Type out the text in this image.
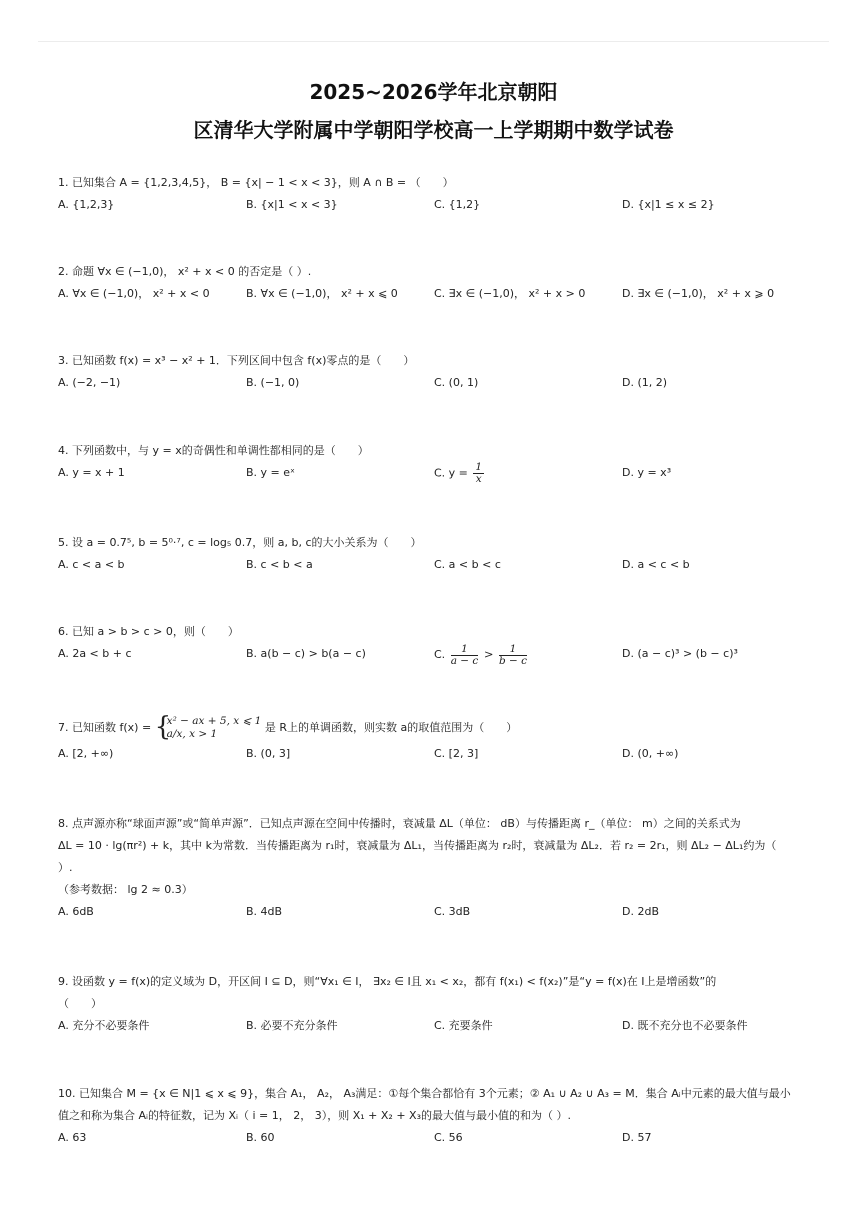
2025~2026学年北京朝阳
区清华大学附属中学朝阳学校高一上学期期中数学试卷
1. 已知集合 A = {1,2,3,4,5}， B = {x| − 1 < x < 3}，则 A ∩ B = （　　）
A. {1,2,3}	B. {x|1 < x < 3}	C. {1,2}	D. {x|1 ≤ x ≤ 2}
2. 命题 ∀x ∈ (−1,0)， x² + x < 0 的否定是（ ）.
A. ∀x ∈ (−1,0)， x² + x < 0	B. ∀x ∈ (−1,0)， x² + x ⩽ 0	C. ∃x ∈ (−1,0)， x² + x > 0	D. ∃x ∈ (−1,0)， x² + x ⩾ 0
3. 已知函数 f(x) = x³ − x² + 1．下列区间中包含 f(x)零点的是（　　）
A. (−2, −1)	B. (−1, 0)	C. (0, 1)	D. (1, 2)
4. 下列函数中，与 y = x的奇偶性和单调性都相同的是（　　）
A. y = x + 1	B. y = eˣ	C. $y = \frac{1}{x}$	D. y = x³
5. 设 a = 0.7⁵, b = 5⁰·⁷, c = log₅ 0.7，则 a, b, c的大小关系为（　　）
A. c < a < b	B. c < b < a	C. a < b < c	D. a < c < b
6. 已知 a > b > c > 0，则（　　）
A. 2a < b + c	B. a(b − c) > b(a − c)	C. $\frac{1}{a - c} > \frac{1}{b - c}$	D. (a − c)³ > (b − c)³
7. 已知函数 f(x) = {
x² − ax + 5, x ⩽ 1
a/x, x > 1	是 R上的单调函数，则实数 a的取值范围为（　　）
A. [2, +∞)	B. (0, 3]	C. [2, 3]	D. (0, +∞)
8. 点声源亦称“球面声源”或“简单声源”．已知点声源在空间中传播时，衰减量 ΔL（单位： dB）与传播距离 r_（单位： m）之间的关系式为
ΔL = 10 · lg(πr²) + k，其中 k为常数．当传播距离为 r₁时，衰减量为 ΔL₁，当传播距离为 r₂时，衰减量为 ΔL₂．若 r₂ = 2r₁，则 ΔL₂ − ΔL₁约为（
）.
（参考数据： lg 2 ≈ 0.3）
A. 6dB	B. 4dB	C. 3dB	D. 2dB
9. 设函数 y = f(x)的定义域为 D，开区间 I ⊆ D，则“∀x₁ ∈ I， ∃x₂ ∈ I且 x₁ < x₂，都有 f(x₁) < f(x₂)”是“y = f(x)在 I上是增函数”的
（　　）
A. 充分不必要条件	B. 必要不充分条件	C. 充要条件	D. 既不充分也不必要条件
10. 已知集合 M = {x ∈ N|1 ⩽ x ⩽ 9}，集合 A₁， A₂， A₃满足：①每个集合都恰有 3个元素；② A₁ ∪ A₂ ∪ A₃ = M．集合 Aᵢ中元素的最大值与最小
值之和称为集合 Aᵢ的特征数，记为 Xᵢ（ i = 1， 2， 3），则 X₁ + X₂ + X₃的最大值与最小值的和为（ ）.
A. 63	B. 60	C. 56	D. 57
